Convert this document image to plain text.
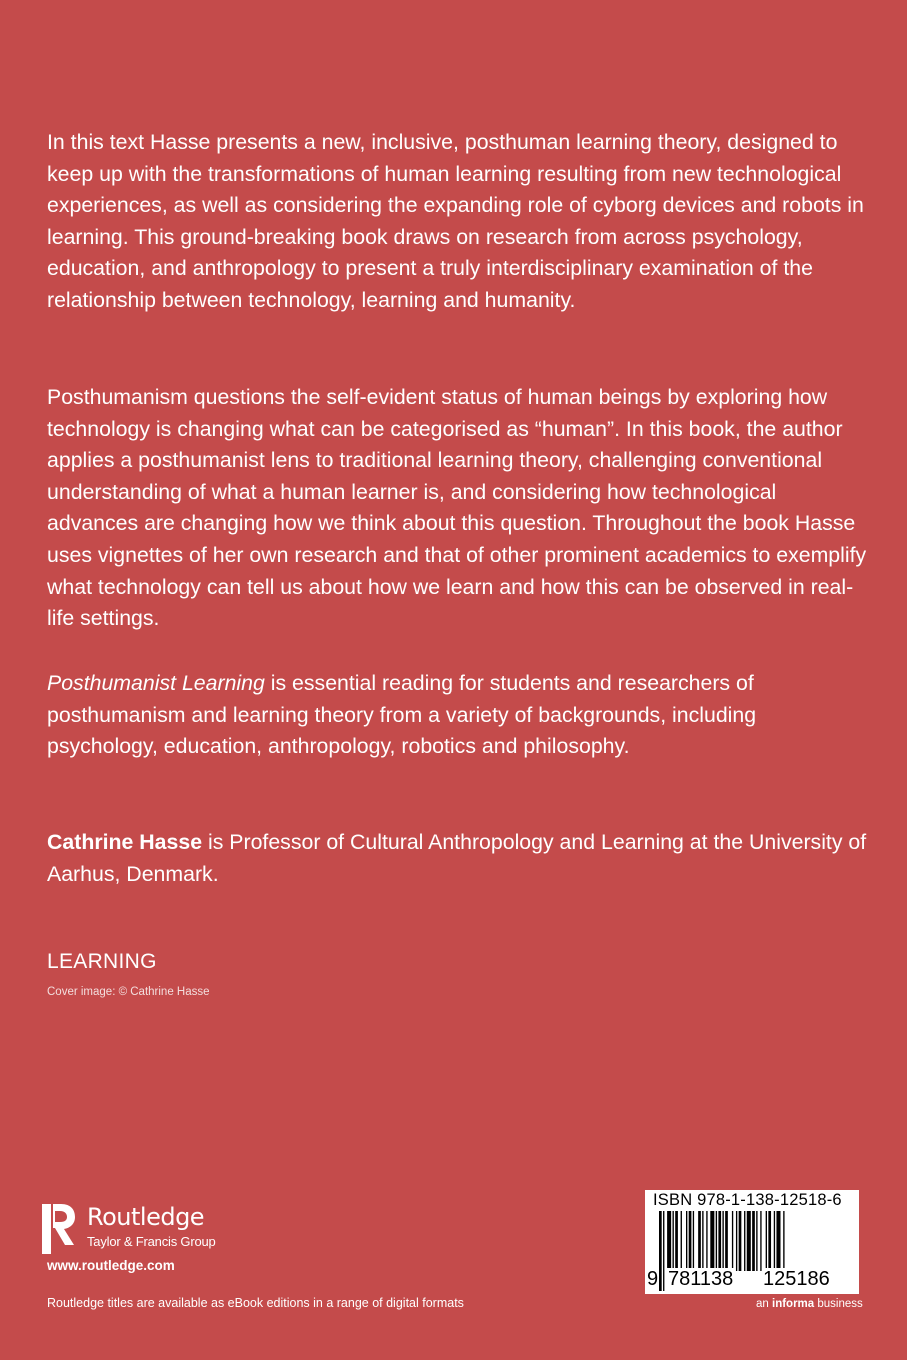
In this text Hasse presents a new, inclusive, posthuman learning theory, designed to keep up with the transformations of human learning resulting from new technological experiences, as well as considering the expanding role of cyborg devices and robots in learning. This ground-breaking book draws on research from across psychology, education, and anthropology to present a truly interdisciplinary examination of the relationship between technology, learning and humanity.

Posthumanism questions the self-evident status of human beings by exploring how technology is changing what can be categorised as “human”. In this book, the author applies a posthumanist lens to traditional learning theory, challenging conventional understanding of what a human learner is, and considering how technological advances are changing how we think about this question. Throughout the book Hasse uses vignettes of her own research and that of other prominent academics to exemplify what technology can tell us about how we learn and how this can be observed in real-life settings.

Posthumanist Learning is essential reading for students and researchers of posthumanism and learning theory from a variety of backgrounds, including psychology, education, anthropology, robotics and philosophy.

Cathrine Hasse is Professor of Cultural Anthropology and Learning at the University of Aarhus, Denmark.

LEARNING
Cover image: © Cathrine Hasse
Routledge
Taylor & Francis Group
www.routledge.com
Routledge titles are available as eBook editions in a range of digital formats
ISBN 978-1-138-12518-6
9 781138 125186
an informa business
